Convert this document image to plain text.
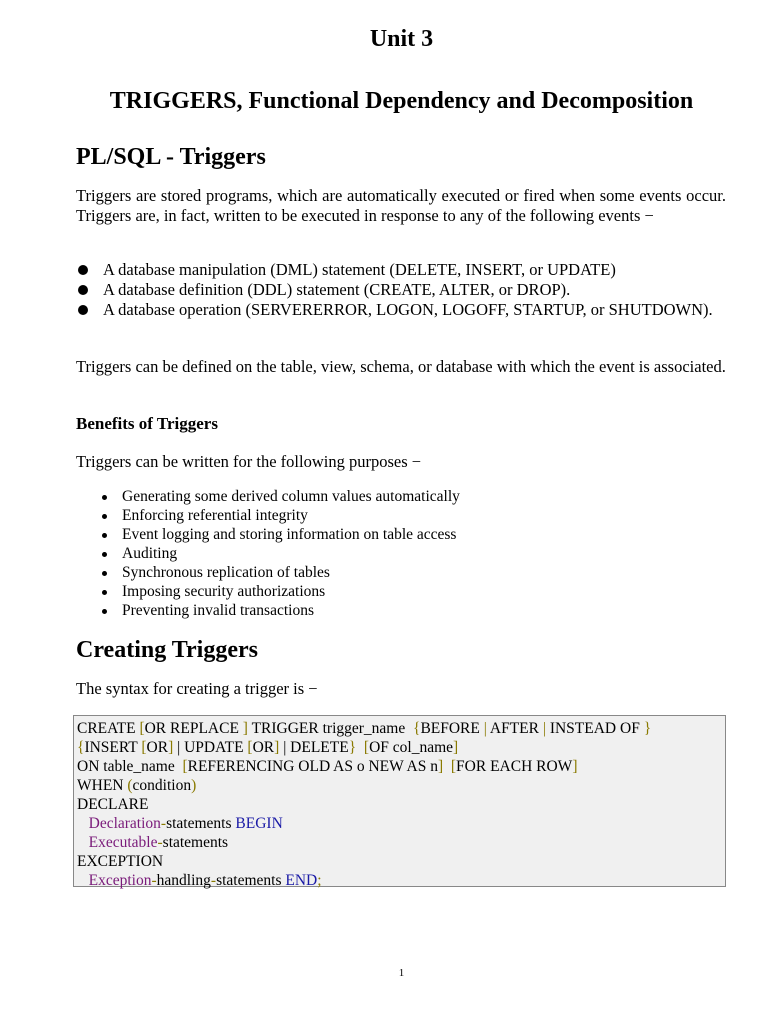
Unit 3
TRIGGERS, Functional Dependency and Decomposition
PL/SQL - Triggers

Triggers are stored programs, which are automatically executed or fired when some events occur. Triggers are, in fact, written to be executed in response to any of the following events −

A database manipulation (DML) statement (DELETE, INSERT, or UPDATE)
A database definition (DDL) statement (CREATE, ALTER, or DROP).
A database operation (SERVERERROR, LOGON, LOGOFF, STARTUP, or SHUTDOWN).

Triggers can be defined on the table, view, schema, or database with which the event is associated.

Benefits of Triggers

Triggers can be written for the following purposes −

Generating some derived column values automatically
Enforcing referential integrity
Event logging and storing information on table access
Auditing
Synchronous replication of tables
Imposing security authorizations
Preventing invalid transactions
Creating Triggers

The syntax for creating a trigger is −

CREATE [OR REPLACE ] TRIGGER trigger_name  {BEFORE | AFTER | INSTEAD OF }
{INSERT [OR] | UPDATE [OR] | DELETE} [OF col_name]
ON table_name  [REFERENCING OLD AS o NEW AS n] [FOR EACH ROW]
WHEN (condition)
DECLARE
Declaration-statements BEGIN
Executable-statements
EXCEPTION
Exception-handling-statements END;

1
